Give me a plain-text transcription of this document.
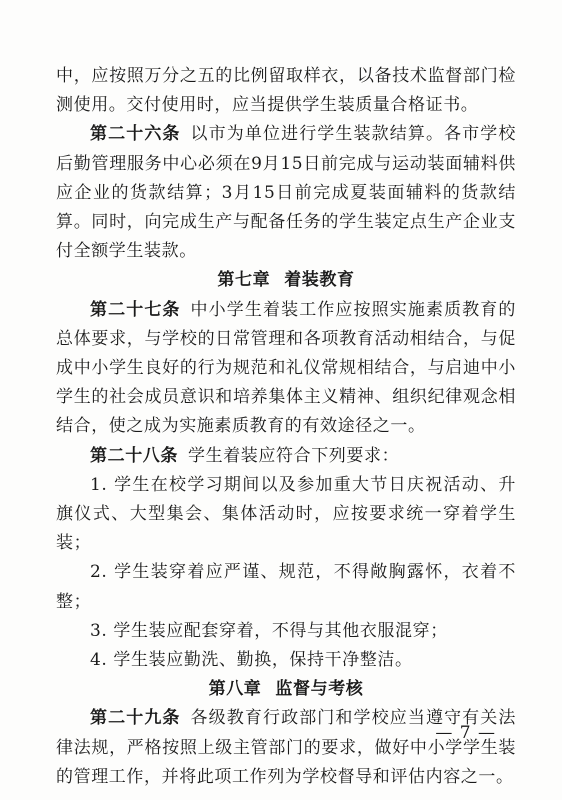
中，应按照万分之五的比例留取样衣，以备技术监督部门检测使用。交付使用时，应当提供学生装质量合格证书。

第二十六条 以市为单位进行学生装款结算。各市学校后勤管理服务中心必须在9月15日前完成与运动装面辅料供应企业的货款结算；3月15日前完成夏装面辅料的货款结算。同时，向完成生产与配备任务的学生装定点生产企业支付全额学生装款。

第七章 着装教育

第二十七条 中小学生着装工作应按照实施素质教育的总体要求，与学校的日常管理和各项教育活动相结合，与促成中小学生良好的行为规范和礼仪常规相结合，与启迪中小学生的社会成员意识和培养集体主义精神、组织纪律观念相结合，使之成为实施素质教育的有效途径之一。

第二十八条 学生着装应符合下列要求：

1. 学生在校学习期间以及参加重大节日庆祝活动、升旗仪式、大型集会、集体活动时，应按要求统一穿着学生装；

2. 学生装穿着应严谨、规范，不得敞胸露怀，衣着不整；

3. 学生装应配套穿着，不得与其他衣服混穿；

4. 学生装应勤洗、勤换，保持干净整洁。

第八章 监督与考核

第二十九条 各级教育行政部门和学校应当遵守有关法律法规，严格按照上级主管部门的要求，做好中小学学生装的管理工作，并将此项工作列为学校督导和评估内容之一。

— 7 —
